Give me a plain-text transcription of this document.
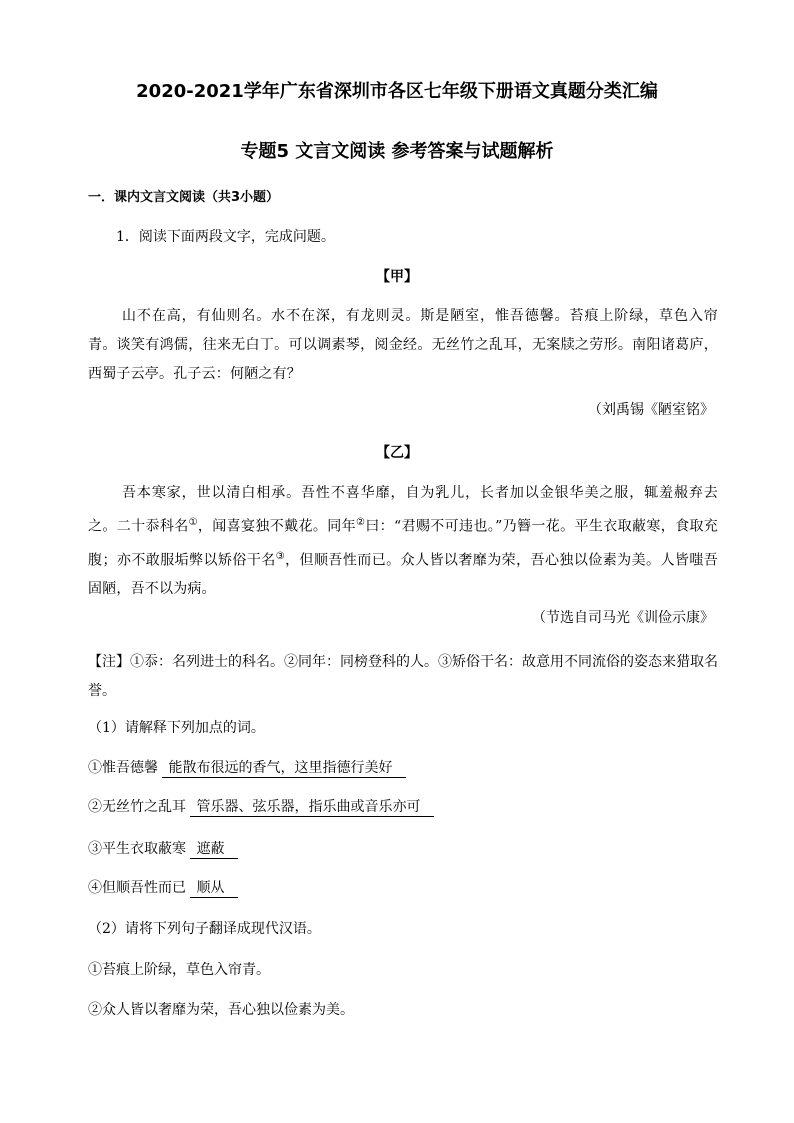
2020-2021学年广东省深圳市各区七年级下册语文真题分类汇编
专题5 文言文阅读 参考答案与试题解析
一．课内文言文阅读（共3小题）
1．阅读下面两段文字，完成问题。
【甲】
山不在高，有仙则名。水不在深，有龙则灵。斯是陋室，惟吾德馨。苔痕上阶绿，草色入帘青。谈笑有鸿儒，往来无白丁。可以调素琴，阅金经。无丝竹之乱耳，无案牍之劳形。南阳诸葛庐，西蜀子云亭。孔子云：何陋之有？
（刘禹锡《陋室铭》
【乙】
吾本寒家，世以清白相承。吾性不喜华靡，自为乳儿，长者加以金银华美之服，辄羞赧弃去之。二十忝科名①，闻喜宴独不戴花。同年②曰：“君赐不可违也。”乃簪一花。平生衣取蔽寒，食取充腹；亦不敢服垢弊以矫俗干名③，但顺吾性而已。众人皆以奢靡为荣，吾心独以俭素为美。人皆嗤吾固陋，吾不以为病。
（节选自司马光《训俭示康》
【注】①忝：名列进士的科名。②同年：同榜登科的人。③矫俗干名：故意用不同流俗的姿态来猎取名誉。
（1）请解释下列加点的词。
①惟吾德馨 能散布很远的香气，这里指德行美好
②无丝竹之乱耳 管乐器、弦乐器，指乐曲或音乐亦可
③平生衣取蔽寒 遮蔽
④但顺吾性而已 顺从
（2）请将下列句子翻译成现代汉语。
①苔痕上阶绿，草色入帘青。
②众人皆以奢靡为荣，吾心独以俭素为美。
